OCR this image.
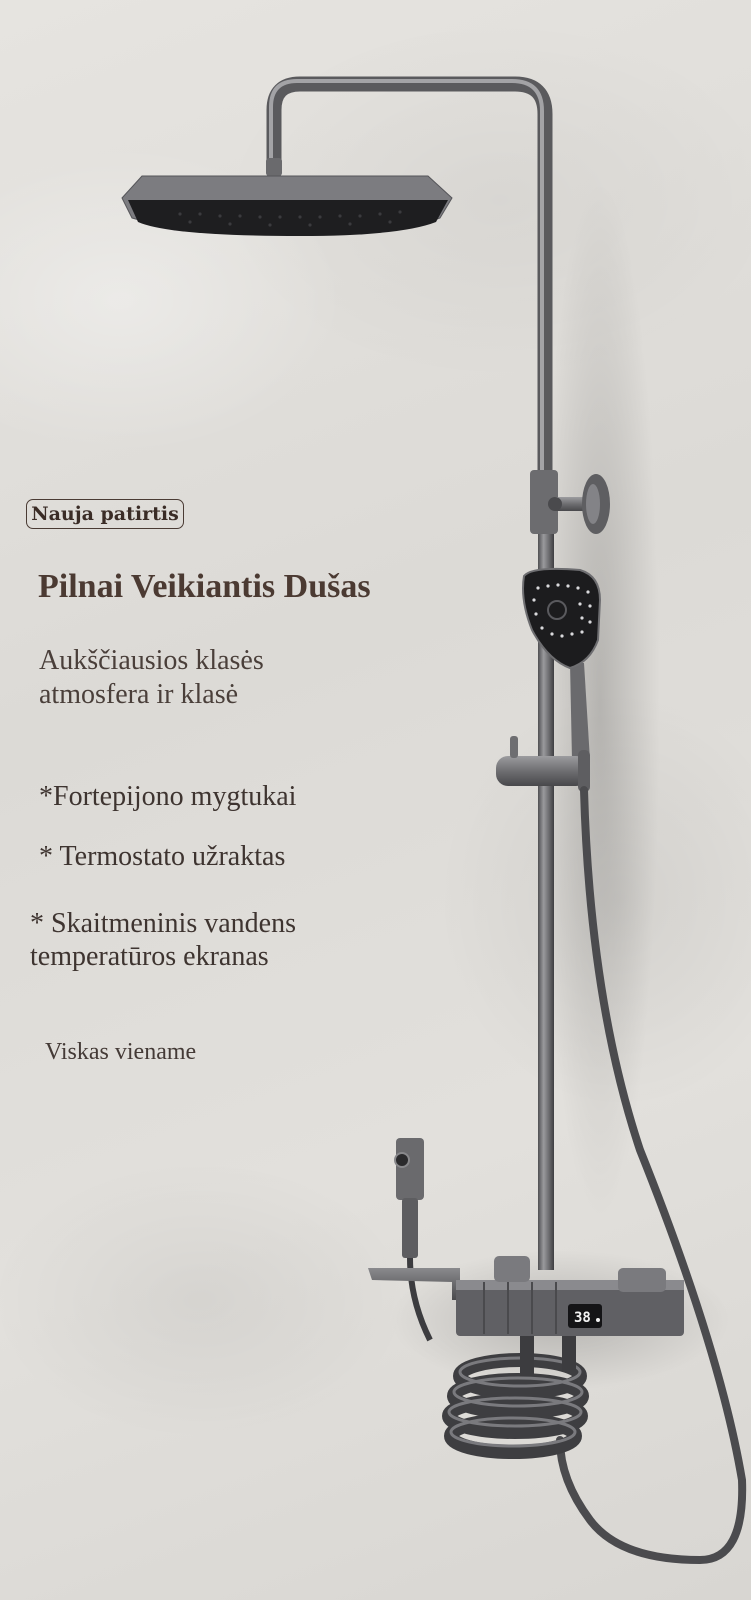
38
Nauja patirtis
Pilnai Veikiantis Dušas
Aukščiausios klasės
atmosfera ir klasė
*Fortepijono mygtukai
* Termostato užraktas
* Skaitmeninis vandens
temperatūros ekranas
Viskas viename
